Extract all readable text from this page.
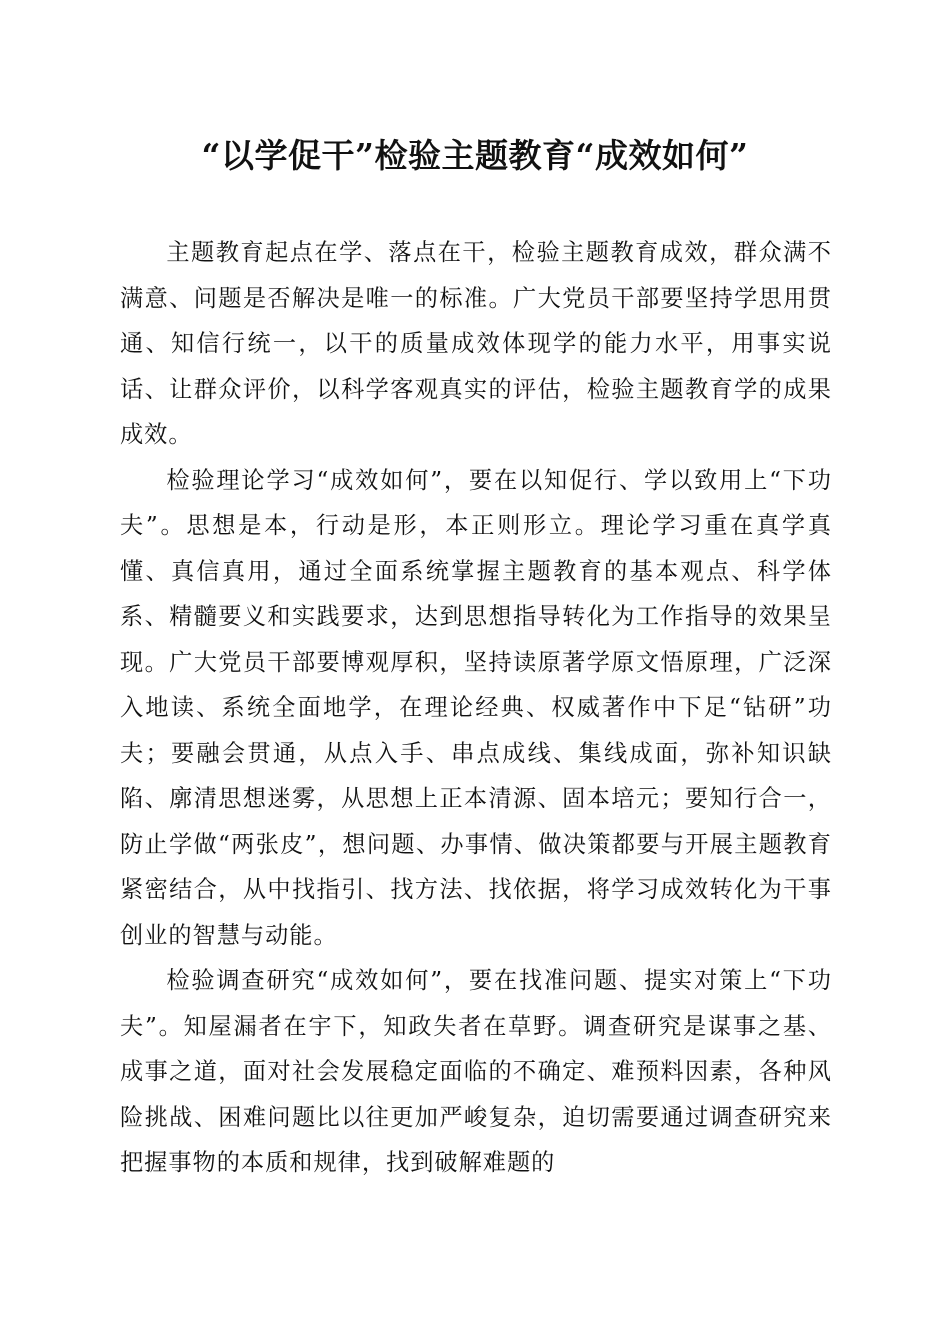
“以学促干”检验主题教育“成效如何”

主题教育起点在学、落点在干，检验主题教育成效，群众满不满意、问题是否解决是唯一的标准。广大党员干部要坚持学思用贯通、知信行统一，以干的质量成效体现学的能力水平，用事实说话、让群众评价，以科学客观真实的评估，检验主题教育学的成果成效。

检验理论学习“成效如何”，要在以知促行、学以致用上“下功夫”。思想是本，行动是形，本正则形立。理论学习重在真学真懂、真信真用，通过全面系统掌握主题教育的基本观点、科学体系、精髓要义和实践要求，达到思想指导转化为工作指导的效果呈现。广大党员干部要博观厚积，坚持读原著学原文悟原理，广泛深入地读、系统全面地学，在理论经典、权威著作中下足“钻研”功夫；要融会贯通，从点入手、串点成线、集线成面，弥补知识缺陷、廓清思想迷雾，从思想上正本清源、固本培元；要知行合一，防止学做“两张皮”，想问题、办事情、做决策都要与开展主题教育紧密结合，从中找指引、找方法、找依据，将学习成效转化为干事创业的智慧与动能。

检验调查研究“成效如何”，要在找准问题、提实对策上“下功夫”。知屋漏者在宇下，知政失者在草野。调查研究是谋事之基、成事之道，面对社会发展稳定面临的不确定、难预料因素，各种风险挑战、困难问题比以往更加严峻复杂，迫切需要通过调查研究来把握事物的本质和规律，找到破解难题的
